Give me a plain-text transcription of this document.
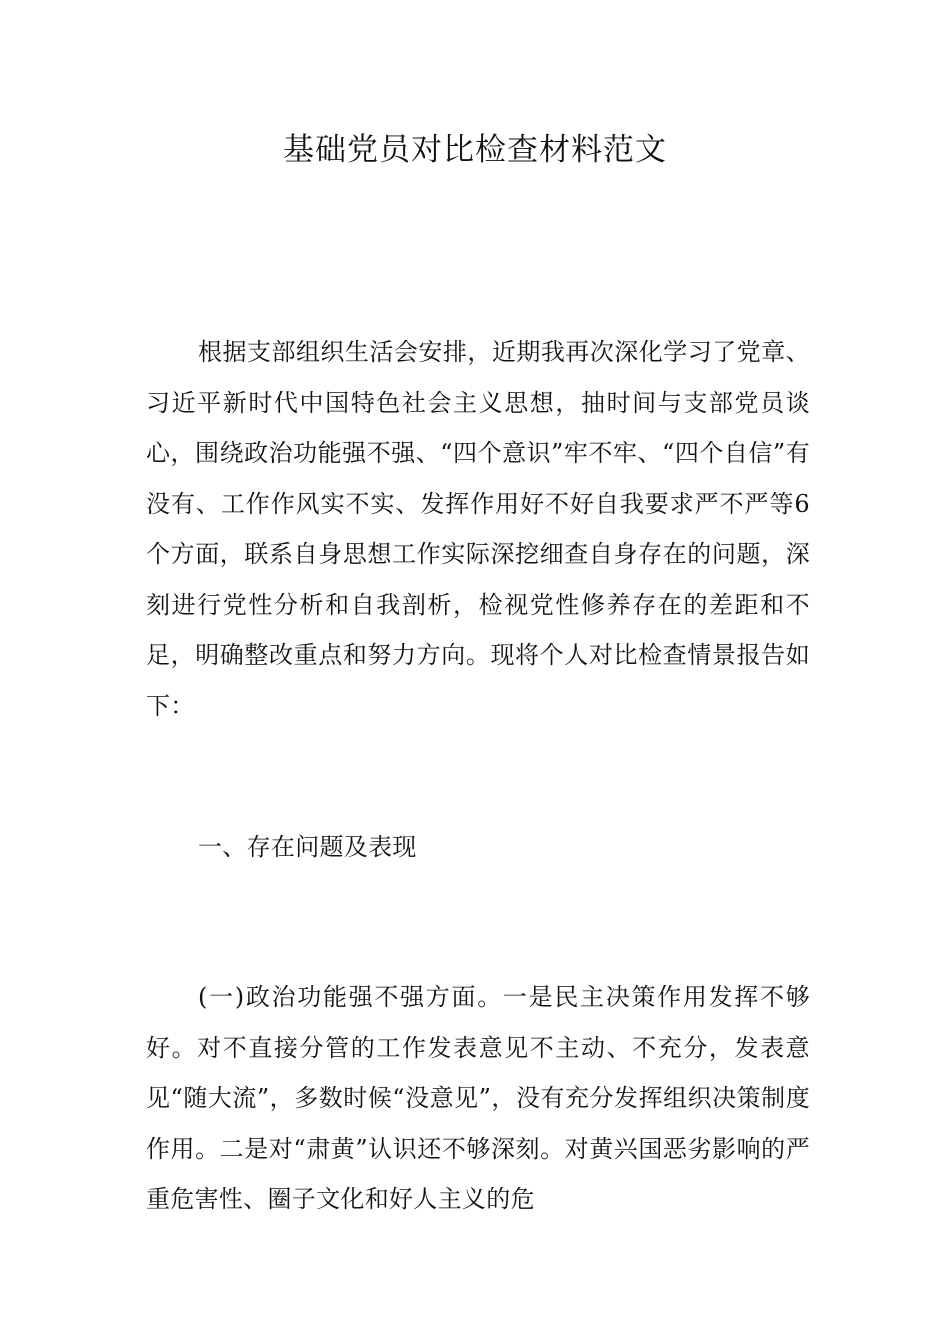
基础党员对比检查材料范文

根据支部组织生活会安排，近期我再次深化学习了党章、习近平新时代中国特色社会主义思想，抽时间与支部党员谈心，围绕政治功能强不强、“四个意识”牢不牢、“四个自信”有没有、工作作风实不实、发挥作用好不好自我要求严不严等6个方面，联系自身思想工作实际深挖细查自身存在的问题，深刻进行党性分析和自我剖析，检视党性修养存在的差距和不足，明确整改重点和努力方向。现将个人对比检查情景报告如下：

一、存在问题及表现

(一)政治功能强不强方面。一是民主决策作用发挥不够好。对不直接分管的工作发表意见不主动、不充分，发表意见“随大流”，多数时候“没意见”，没有充分发挥组织决策制度作用。二是对“肃黄”认识还不够深刻。对黄兴国恶劣影响的严重危害性、圈子文化和好人主义的危
